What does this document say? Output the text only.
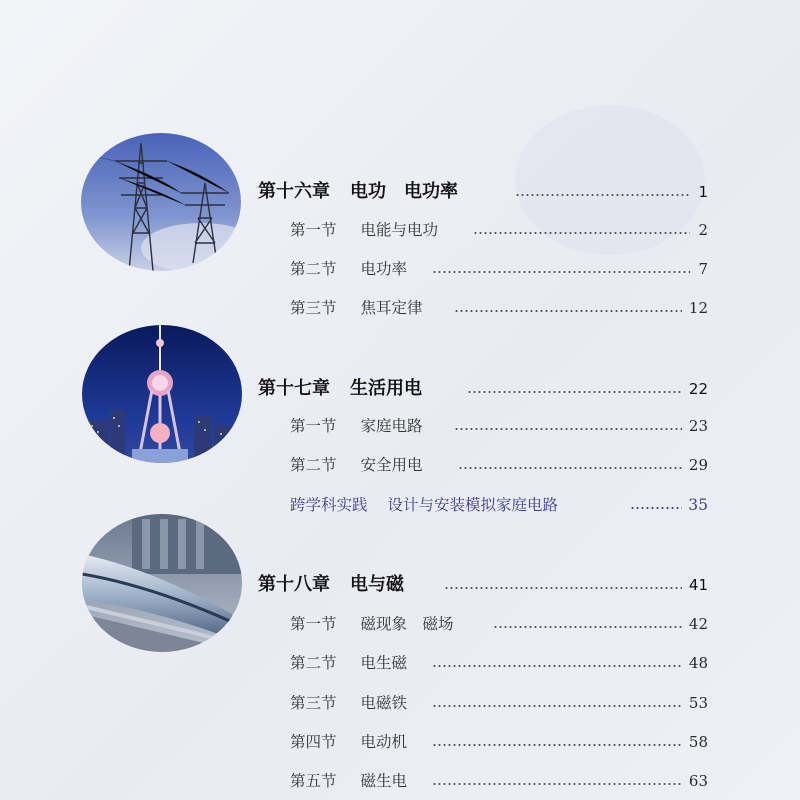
第十六章 电功　电功率	1
第一节 电能与电功	2
第二节 电功率	7
第三节 焦耳定律	12
第十七章 生活用电	22
第一节 家庭电路	23
第二节 安全用电	29
跨学科实践 设计与安装模拟家庭电路	35
第十八章 电与磁	41
第一节 磁现象　磁场	42
第二节 电生磁	48
第三节 电磁铁	53
第四节 电动机	58
第五节 磁生电	63
